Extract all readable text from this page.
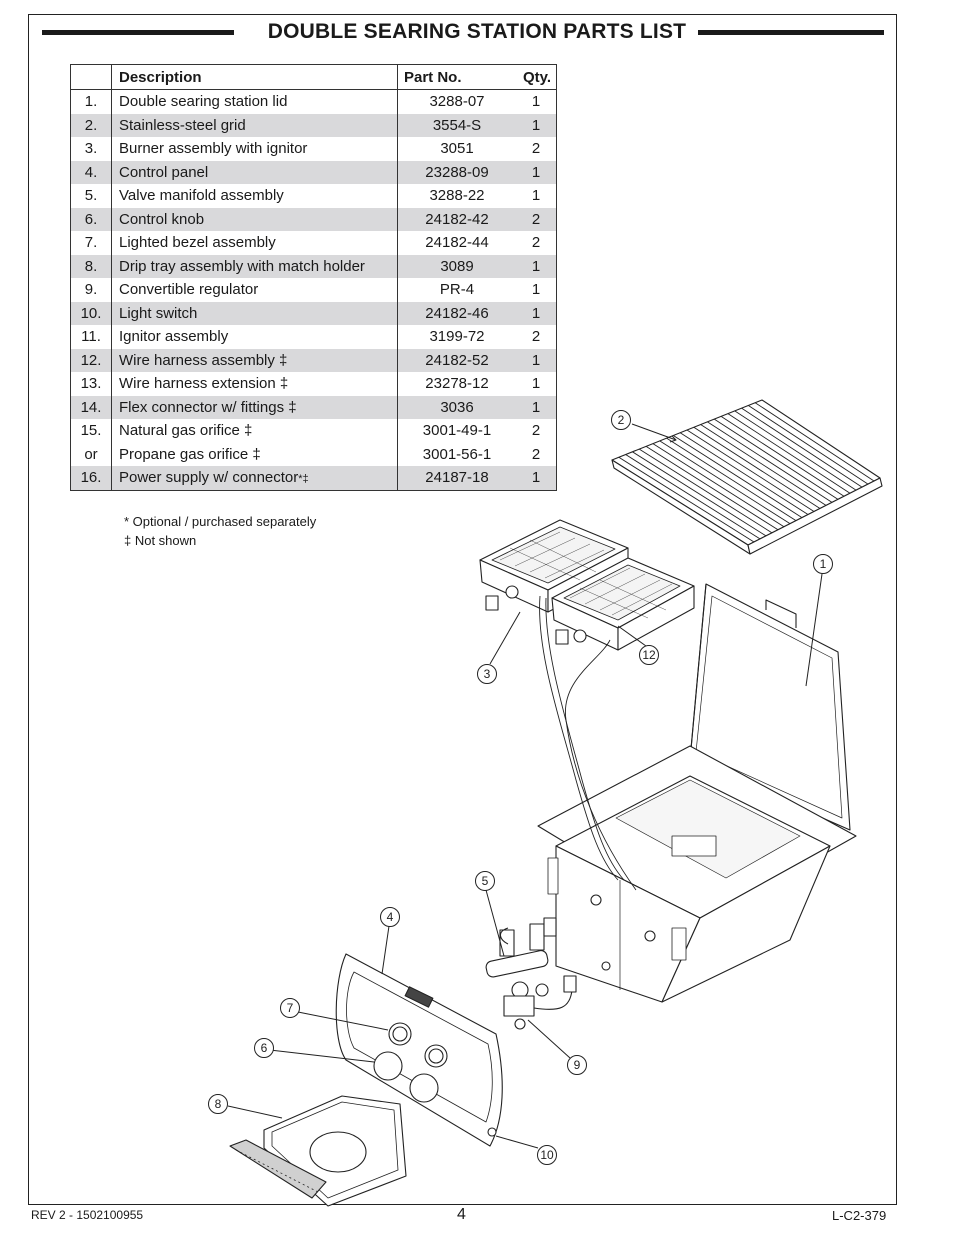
DOUBLE SEARING STATION PARTS LIST
	Description	Part No.	Qty.
1.	Double searing station lid	3288-07	1
2.	Stainless-steel grid	3554-S	1
3.	Burner assembly with ignitor	3051	2
4.	Control panel	23288-09	1
5.	Valve manifold assembly	3288-22	1
6.	Control knob	24182-42	2
7.	Lighted bezel assembly	24182-44	2
8.	Drip tray assembly with match holder	3089	1
9.	Convertible regulator	PR-4	1
10.	Light switch	24182-46	1
11.	Ignitor assembly	3199-72	2
12.	Wire harness assembly ‡	24182-52	1
13.	Wire harness extension ‡	23278-12	1
14.	Flex connector w/ fittings ‡	3036	1
15.	Natural gas orifice ‡	3001-49-1	2
or	Propane gas orifice ‡	3001-56-1	2
16.	Power supply w/ connector*‡	24187-18	1
* Optional / purchased separately
‡ Not shown
1
2
3
4
5
6
7
8
9
10
12
REV 2 - 1502100955	4	L-C2-379
